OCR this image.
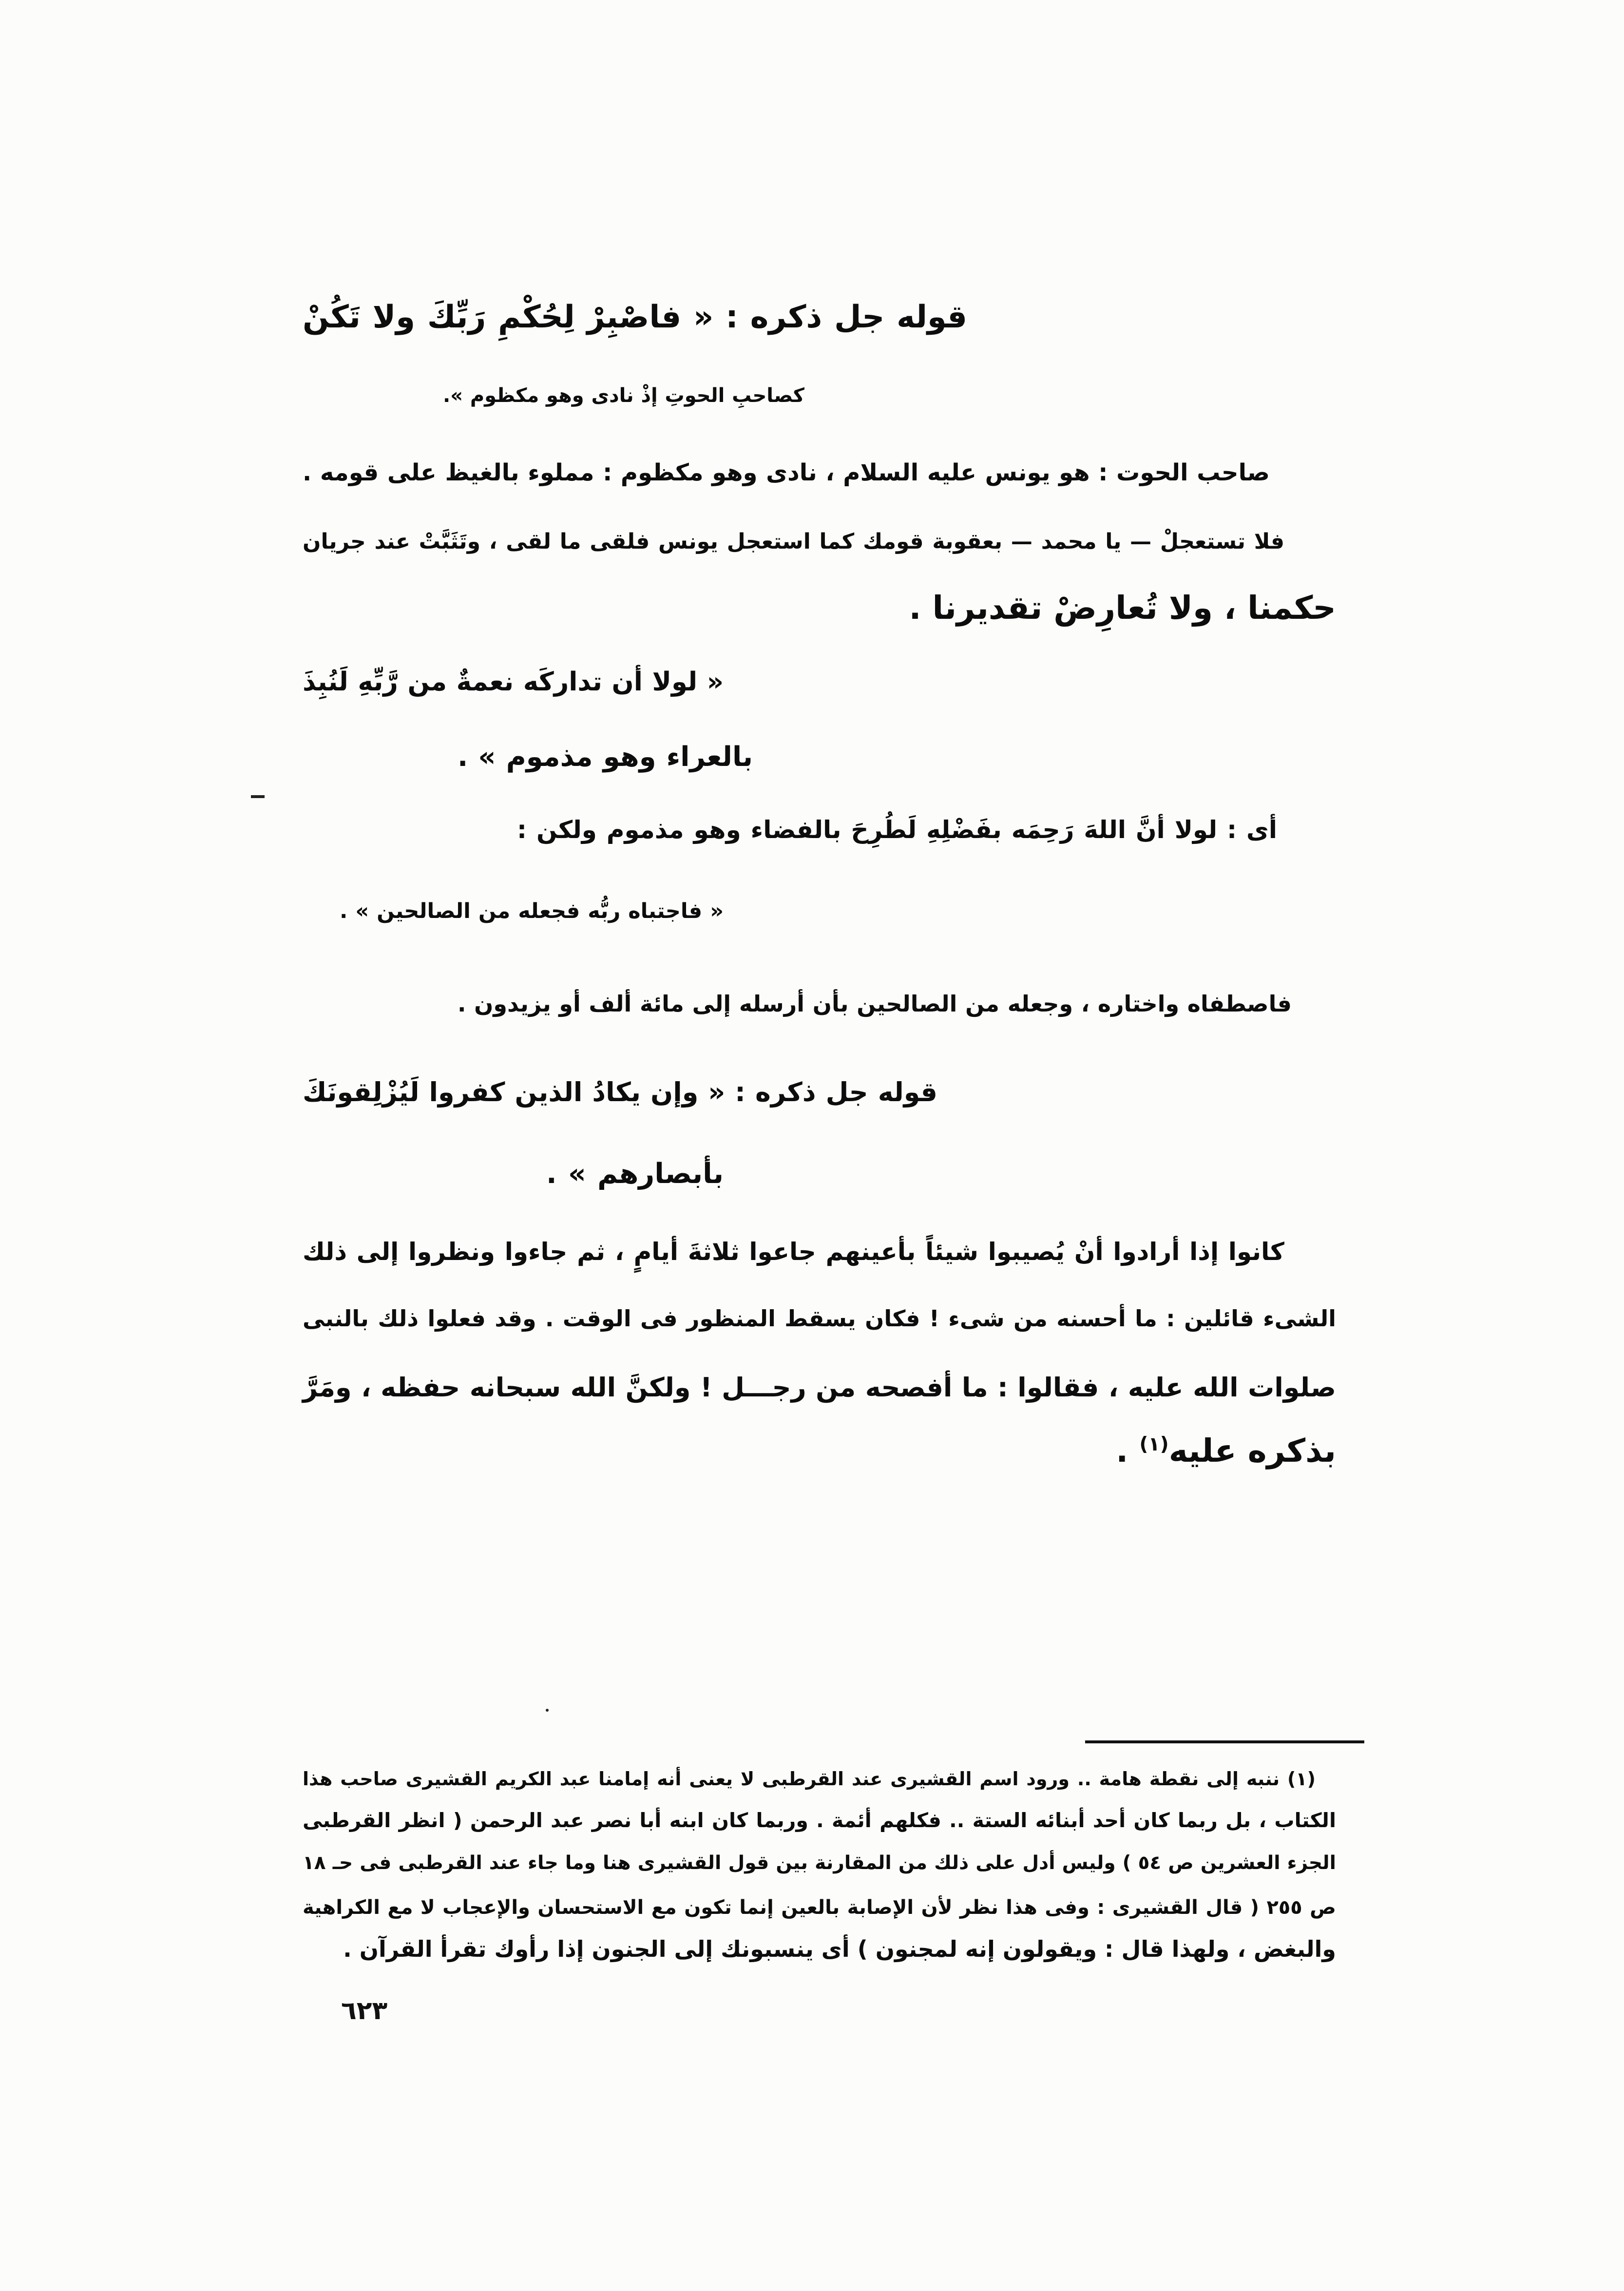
قوله جل ذكره : « فاصْبِرْ لِحُكْمِ رَبِّكَ ولا تَكُنْ
كصاحبِ الحوتِ إذْ نادى وهو مكظوم ».
صاحب الحوت : هو يونس عليه السلام ، نادى وهو مكظوم : مملوء بالغيظ على قومه .
فلا تستعجلْ — يا محمد — بعقوبة قومك كما استعجل يونس فلقى ما لقى ، وتَثَبَّتْ عند جريان
حكمنا ، ولا تُعارِضْ تقديرنا .
« لولا أن تداركَه نعمةٌ من رَّبِّهِ لَنُبِذَ
بالعراء وهو مذموم » .
أى : لولا أنَّ اللهَ رَحِمَه بفَضْلِهِ لَطُرِحَ بالفضاء وهو مذموم ولكن :
« فاجتباه ربُّه فجعله من الصالحين » .
فاصطفاه واختاره ، وجعله من الصالحين بأن أرسله إلى مائة ألف أو يزيدون .
قوله جل ذكره : « وإن يكادُ الذين كفروا لَيُزْلِقونَكَ
بأبصارهم » .
كانوا إذا أرادوا أنْ يُصيبوا شيئاً بأعينهم جاعوا ثلاثةَ أيامٍ ، ثم جاءوا ونظروا إلى ذلك
الشىء قائلين : ما أحسنه من شىء ! فكان يسقط المنظور فى الوقت . وقد فعلوا ذلك بالنبى
صلوات الله عليه ، فقالوا : ما أفصحه من رجـــل ! ولكنَّ الله سبحانه حفظه ، ومَرَّ
بذكره عليه$^{(١)}$ .
(١) ننبه إلى نقطة هامة .. ورود اسم القشيرى عند القرطبى لا يعنى أنه إمامنا عبد الكريم القشيرى صاحب هذا
الكتاب ، بل ربما كان أحد أبنائه الستة .. فكلهم أئمة . وربما كان ابنه أبا نصر عبد الرحمن ( انظر القرطبى
الجزء العشرين ص ٥٤ ) وليس أدل على ذلك من المقارنة بين قول القشيرى هنا وما جاء عند القرطبى فى حـ ١٨
ص ٢٥٥ ( قال القشيرى : وفى هذا نظر لأن الإصابة بالعين إنما تكون مع الاستحسان والإعجاب لا مع الكراهية
والبغض ، ولهذا قال : ويقولون إنه لمجنون ) أى ينسبونك إلى الجنون إذا رأوك تقرأ القرآن .
٦٢٣
